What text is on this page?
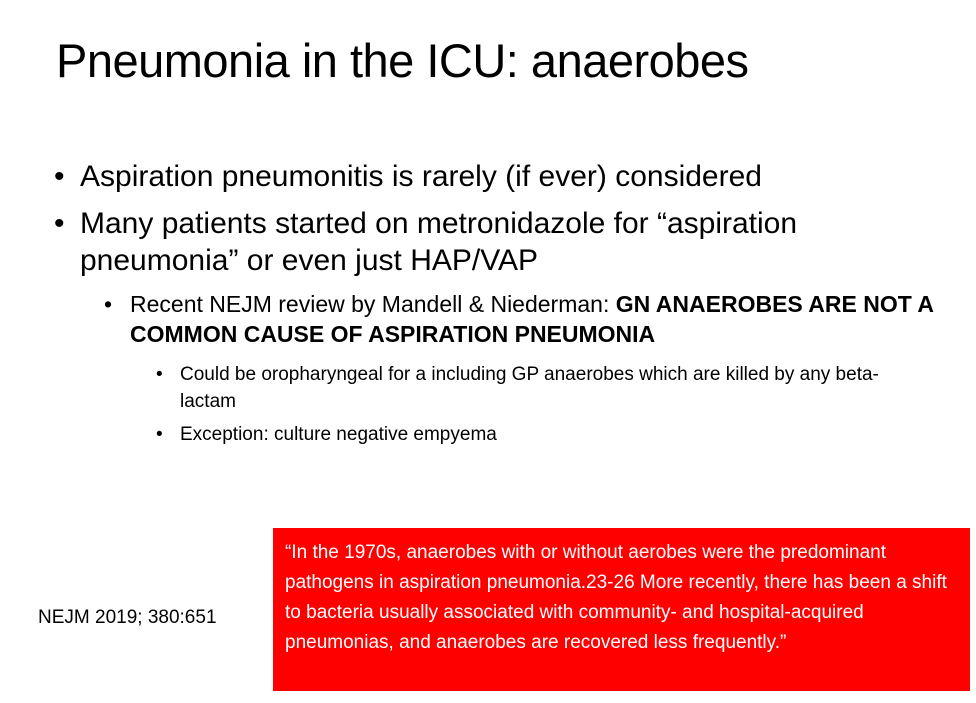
Pneumonia in the ICU: anaerobes
• Aspiration pneumonitis is rarely (if ever) considered
• Many patients started on metronidazole for “aspiration pneumonia” or even just HAP/VAP
• Recent NEJM review by Mandell & Niederman: GN ANAEROBES ARE NOT A COMMON CAUSE OF ASPIRATION PNEUMONIA
• Could be oropharyngeal for a including GP anaerobes which are killed by any beta-lactam
• Exception: culture negative empyema
NEJM 2019; 380:651
“In the 1970s, anaerobes with or without aerobes were the predominant pathogens in aspiration pneumonia.23-26 More recently, there has been a shift to bacteria usually associated with community- and hospital-acquired pneumonias, and anaerobes are recovered less frequently.”
